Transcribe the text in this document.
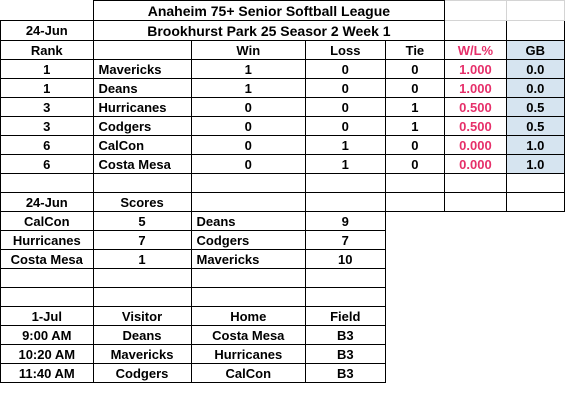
	Anaheim 75+ Senior Softball League					
24-Jun	Brookhurst Park 25 Seasor 2 Week 1					
Rank		Win	Loss	Tie	W/L%	GB
1	Mavericks	1	0	0	1.000	0.0
1	Deans	1	0	0	1.000	0.0
3	Hurricanes	0	0	1	0.500	0.5
3	Codgers	0	0	1	0.500	0.5
6	CalCon	0	1	0	0.000	1.0
6	Costa Mesa	0	1	0	0.000	1.0

24-Jun	Scores					
CalCon	5	Deans	9			
Hurricanes	7	Codgers	7			
Costa Mesa	1	Mavericks	10			

1-Jul	Visitor	Home	Field			
9:00 AM	Deans	Costa Mesa	B3			
10:20 AM	Mavericks	Hurricanes	B3			
11:40 AM	Codgers	CalCon	B3			
